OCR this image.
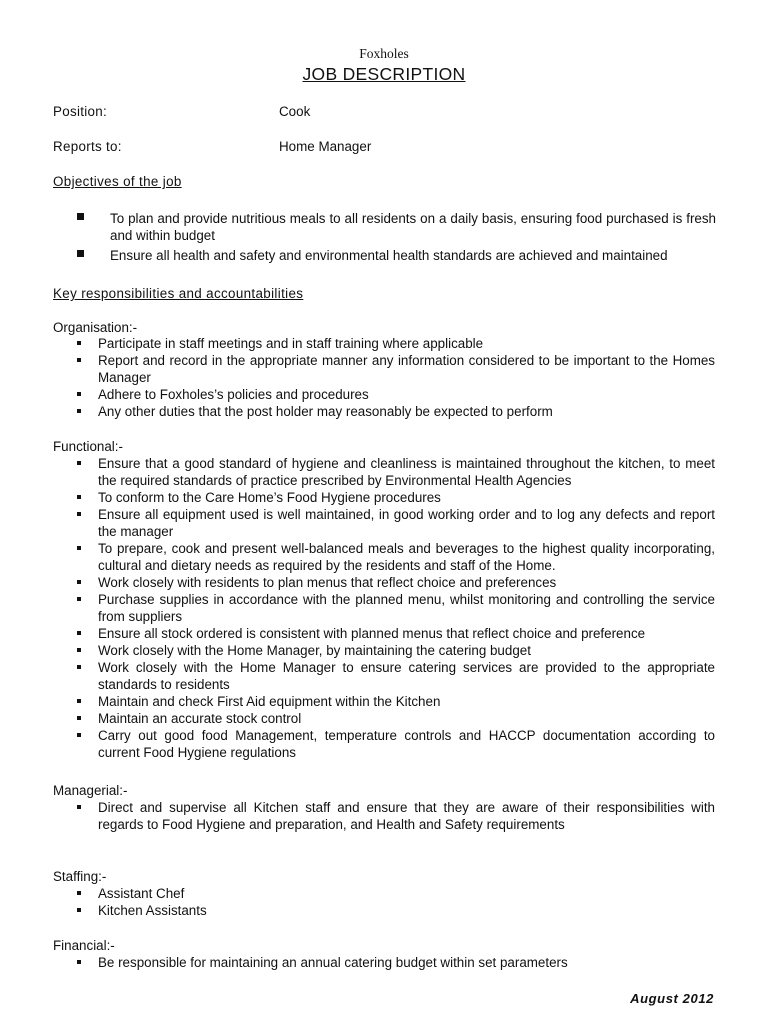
Foxholes
JOB DESCRIPTION
Position:	Cook
Reports to:	Home Manager
Objectives of the job
To plan and provide nutritious meals to all residents on a daily basis, ensuring food purchased is fresh and within budget
Ensure all health and safety and environmental health standards are achieved and maintained
Key responsibilities and accountabilities
Organisation:-
Participate in staff meetings and in staff training where applicable
Report and record in the appropriate manner any information considered to be important to the Homes Manager
Adhere to Foxholes’s policies and procedures
Any other duties that the post holder may reasonably be expected to perform
Functional:-
Ensure that a good standard of hygiene and cleanliness is maintained throughout the kitchen, to meet the required standards of practice prescribed by Environmental Health Agencies
To conform to the Care Home’s Food Hygiene procedures
Ensure all equipment used is well maintained, in good working order and to log any defects and report the manager
To prepare, cook and present well-balanced meals and beverages to the highest quality incorporating, cultural and dietary needs as required by the residents and staff of the Home.
Work closely with residents to plan menus that reflect choice and preferences
Purchase supplies in accordance with the planned menu, whilst monitoring and controlling the service from suppliers
Ensure all stock ordered is consistent with planned menus that reflect choice and preference
Work closely with the Home Manager, by maintaining the catering budget
Work closely with the Home Manager to ensure catering services are provided to the appropriate standards to residents
Maintain and check First Aid equipment within the Kitchen
Maintain an accurate stock control
Carry out good food Management, temperature controls and HACCP documentation according to current Food Hygiene regulations
Managerial:-
Direct and supervise all Kitchen staff and ensure that they are aware of their responsibilities with regards to Food Hygiene and preparation, and Health and Safety requirements
Staffing:-
Assistant Chef
Kitchen Assistants
Financial:-
Be responsible for maintaining an annual catering budget within set parameters
August 2012
